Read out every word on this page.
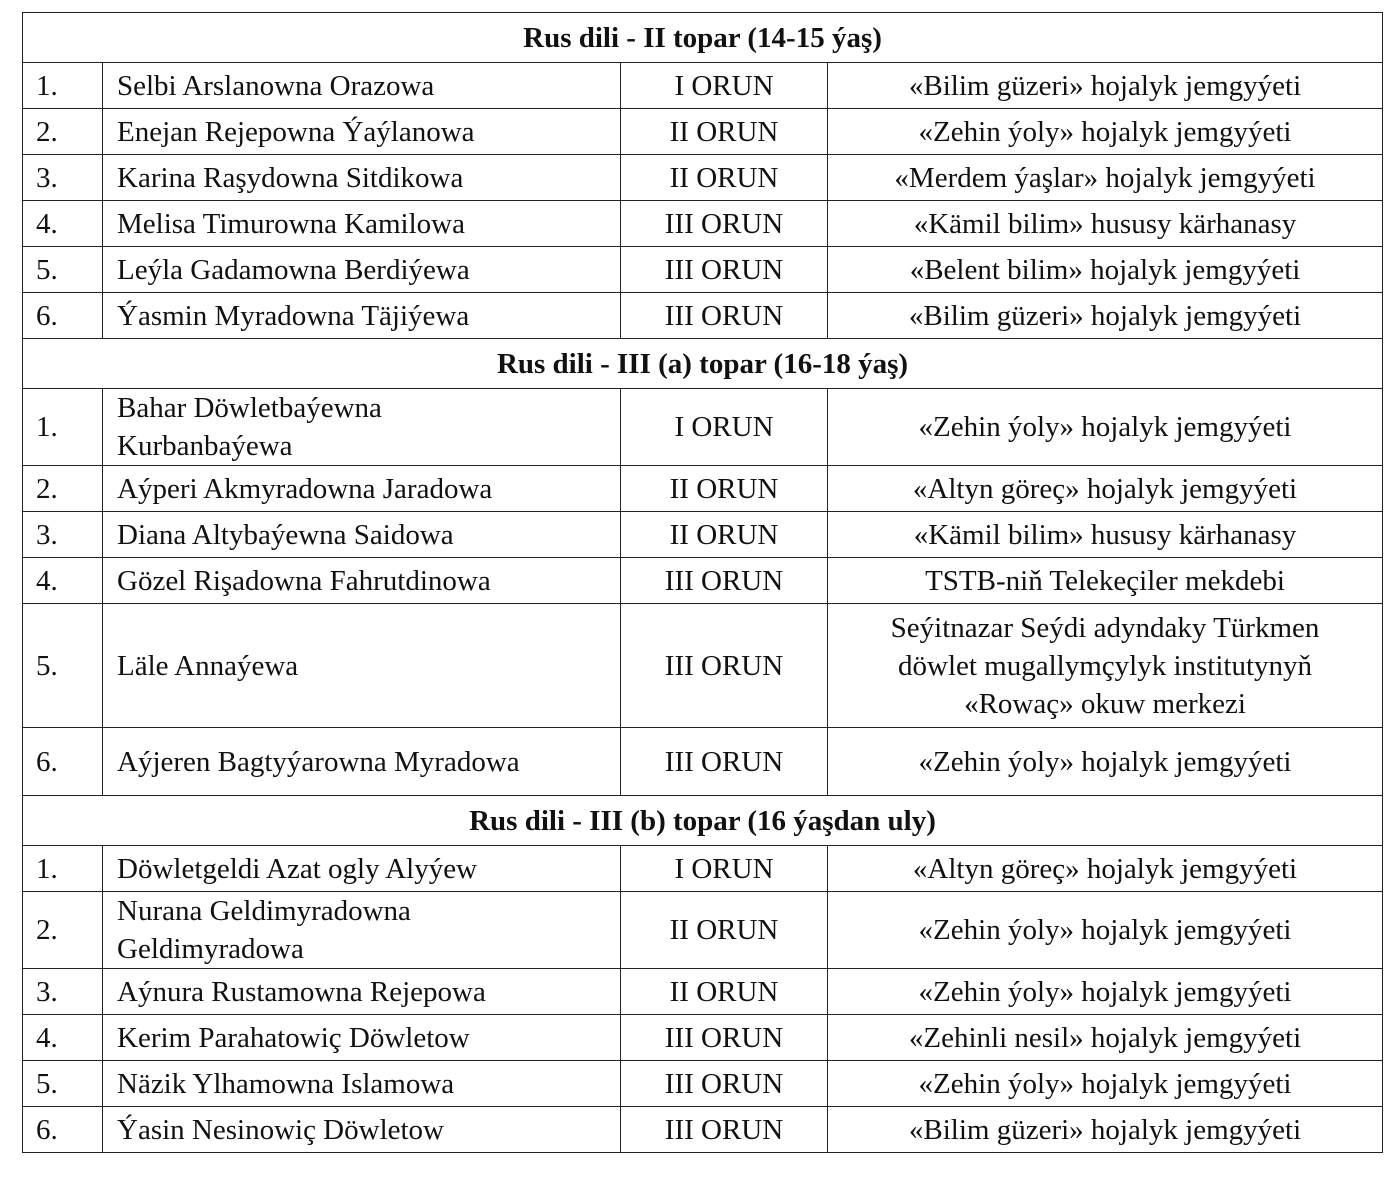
Rus dili - II topar (14-15 ýaş)			
1.	Selbi Arslanowna Orazowa	I ORUN	«Bilim güzeri» hojalyk jemgyýeti

2.	Enejan Rejepowna Ýaýlanowa	II ORUN	«Zehin ýoly» hojalyk jemgyýeti

3.	Karina Raşydowna Sitdikowa	II ORUN	«Merdem ýaşlar» hojalyk jemgyýeti

4.	Melisa Timurowna Kamilowa	III ORUN	«Kämil bilim» hususy kärhanasy

5.	Leýla Gadamowna Berdiýewa	III ORUN	«Belent bilim» hojalyk jemgyýeti

6.	Ýasmin Myradowna Täjiýewa	III ORUN	«Bilim güzeri» hojalyk jemgyýeti

Rus dili - III (a) topar (16-18 ýaş)			
1.	Bahar Döwletbaýewna
Kurbanbaýewa	I ORUN	«Zehin ýoly» hojalyk jemgyýeti

2.	Aýperi Akmyradowna Jaradowa	II ORUN	«Altyn göreç» hojalyk jemgyýeti

3.	Diana Altybaýewna Saidowa	II ORUN	«Kämil bilim» hususy kärhanasy

4.	Gözel Rişadowna Fahrutdinowa	III ORUN	TSTB-niň Telekeçiler mekdebi

5.	Läle Annaýewa	III ORUN	Seýitnazar Seýdi adyndaky Türkmen
döwlet mugallymçylyk institutynyň
«Rowaç» okuw merkezi

6.	Aýjeren Bagtyýarowna Myradowa	III ORUN	«Zehin ýoly» hojalyk jemgyýeti

Rus dili - III (b) topar (16 ýaşdan uly)			
1.	Döwletgeldi Azat ogly Alyýew	I ORUN	«Altyn göreç» hojalyk jemgyýeti

2.	Nurana Geldimyradowna
Geldimyradowa	II ORUN	«Zehin ýoly» hojalyk jemgyýeti

3.	Aýnura Rustamowna Rejepowa	II ORUN	«Zehin ýoly» hojalyk jemgyýeti

4.	Kerim Parahatowiç Döwletow	III ORUN	«Zehinli nesil» hojalyk jemgyýeti

5.	Näzik Ylhamowna Islamowa	III ORUN	«Zehin ýoly» hojalyk jemgyýeti

6.	Ýasin Nesinowiç Döwletow	III ORUN	«Bilim güzeri» hojalyk jemgyýeti
